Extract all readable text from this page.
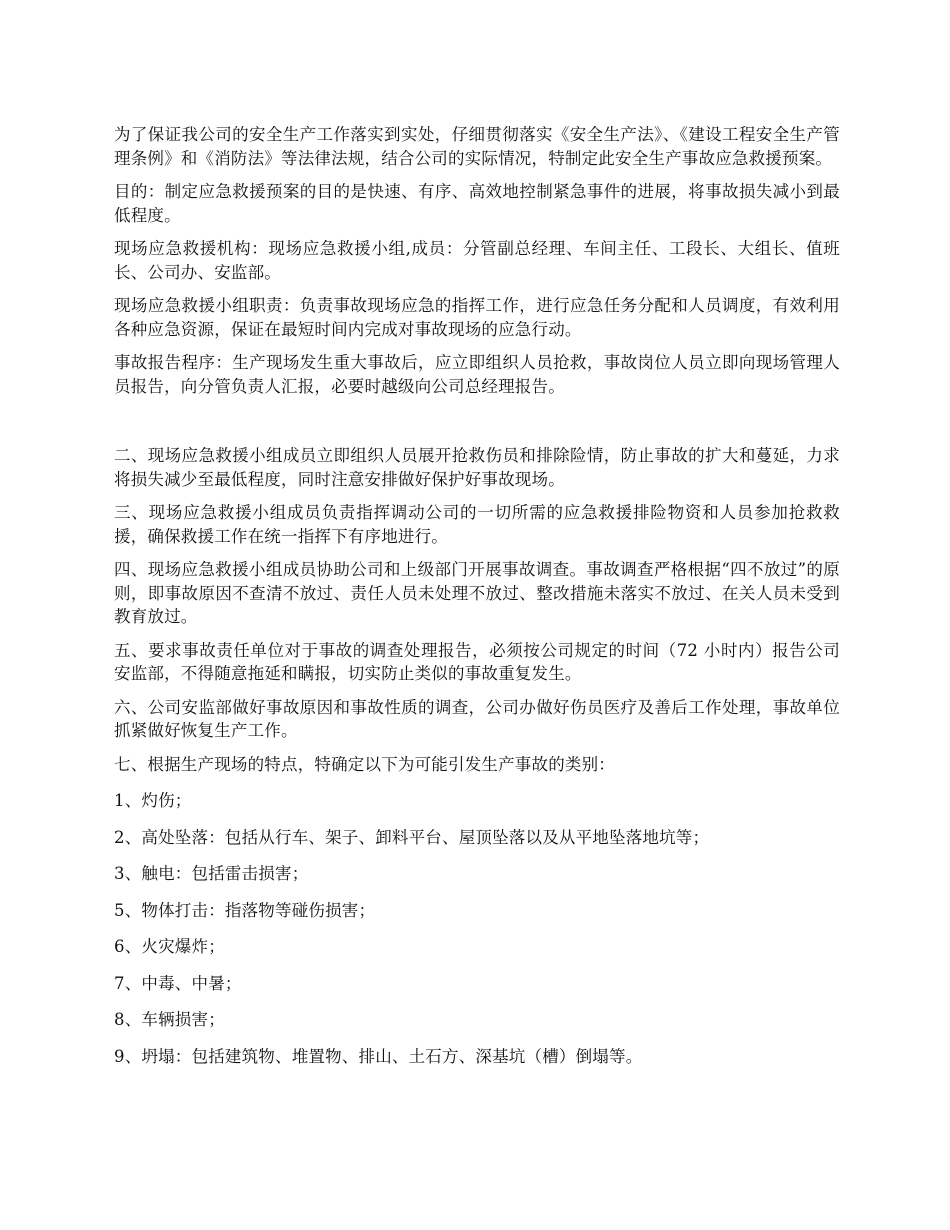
为了保证我公司的安全生产工作落实到实处，仔细贯彻落实《安全生产法》、《建设工程安全生产管理条例》和《消防法》等法律法规，结合公司的实际情况，特制定此安全生产事故应急救援预案。

目的：制定应急救援预案的目的是快速、有序、高效地控制紧急事件的进展，将事故损失减小到最低程度。

现场应急救援机构：现场应急救援小组,成员：分管副总经理、车间主任、工段长、大组长、值班长、公司办、安监部。

现场应急救援小组职责：负责事故现场应急的指挥工作，进行应急任务分配和人员调度，有效利用各种应急资源，保证在最短时间内完成对事故现场的应急行动。

事故报告程序：生产现场发生重大事故后，应立即组织人员抢救，事故岗位人员立即向现场管理人员报告，向分管负责人汇报，必要时越级向公司总经理报告。

二、现场应急救援小组成员立即组织人员展开抢救伤员和排除险情，防止事故的扩大和蔓延，力求将损失减少至最低程度，同时注意安排做好保护好事故现场。

三、现场应急救援小组成员负责指挥调动公司的一切所需的应急救援排险物资和人员参加抢救救援，确保救援工作在统一指挥下有序地进行。

四、现场应急救援小组成员协助公司和上级部门开展事故调查。事故调查严格根据“四不放过”的原则，即事故原因不查清不放过、责任人员未处理不放过、整改措施未落实不放过、在关人员未受到教育放过。

五、要求事故责任单位对于事故的调查处理报告，必须按公司规定的时间（72 小时内）报告公司安监部，不得随意拖延和瞒报，切实防止类似的事故重复发生。

六、公司安监部做好事故原因和事故性质的调查，公司办做好伤员医疗及善后工作处理，事故单位抓紧做好恢复生产工作。

七、根据生产现场的特点，特确定以下为可能引发生产事故的类别：

1、灼伤；

2、高处坠落：包括从行车、架子、卸料平台、屋顶坠落以及从平地坠落地坑等；

3、触电：包括雷击损害；

5、物体打击：指落物等碰伤损害；

6、火灾爆炸；

7、中毒、中暑；

8、车辆损害；

9、坍塌：包括建筑物、堆置物、排山、土石方、深基坑（槽）倒塌等。
